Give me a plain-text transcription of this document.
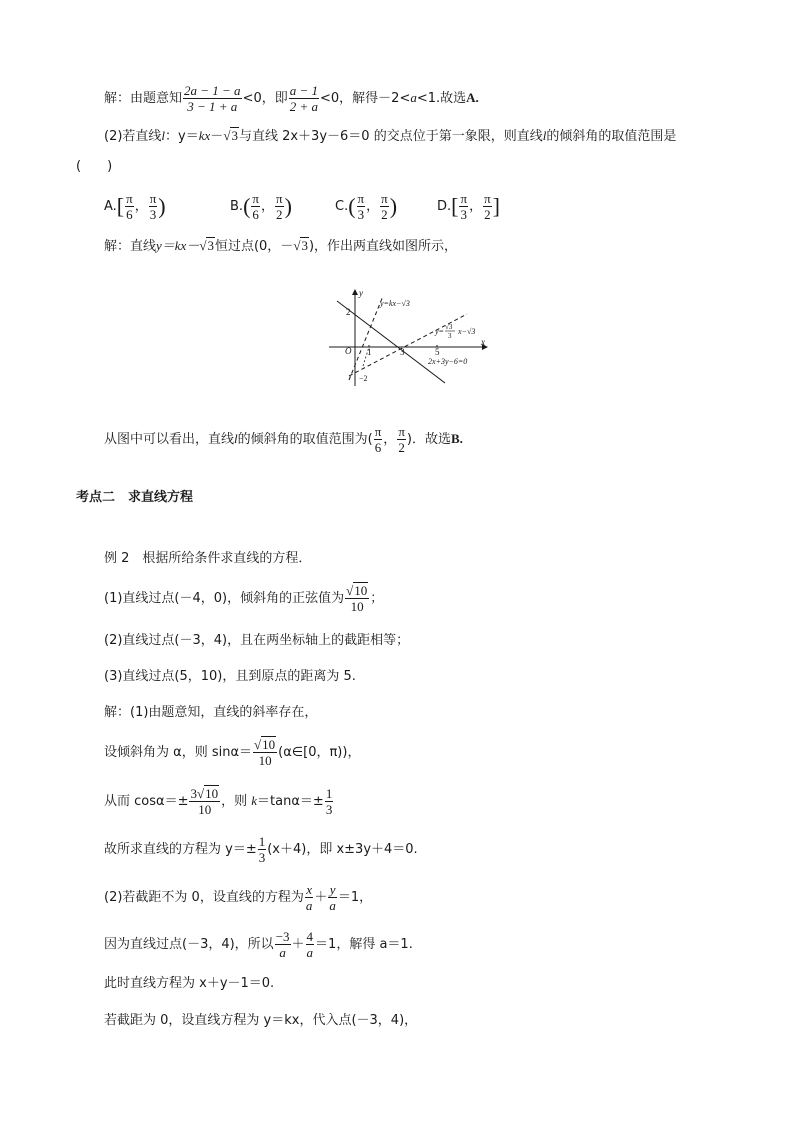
解：由题意知 $\frac{2a - 1 - a}{3 - 1 + a} <0$，即 $\frac{a - 1}{2 + a} <0$，解得－2<a<1.故选A.
(2)若直线l：y＝kx－√3与直线 2x＋3y－6＝0 的交点位于第一象限，则直线l的倾斜角的取值范围是
(　　)
$A.[ \frac{\pi}{6}$ ， $\frac{\pi}{3}$ )	$B.( \frac{\pi}{6}$ ， $\frac{\pi}{2}$ )	$C.( \frac{\pi}{3}$ ， $\frac{\pi}{2}$ )	$D.[ \frac{\pi}{3}$ ， $\frac{\pi}{2}$ ]
解：直线y＝kx－√3恒过点(0，－√3)，作出两直线如图所示，
y
x
O 1	3	5
2
−2
y=kx−√3
y= √3
3 x−√3
2x+3y−6=0
从图中可以看出，直线l的倾斜角的取值范围为( $\frac{\pi}{6}$ ， $\frac{\pi}{2}$ )．故选B.
考点二　求直线方程
例 2　根据所给条件求直线的方程．
(1)直线过点(－4，0)，倾斜角的正弦值为 $\frac{√10}{10}$ ；
(2)直线过点(－3，4)，且在两坐标轴上的截距相等；
(3)直线过点(5，10)，且到原点的距离为 5.
解：(1)由题意知，直线的斜率存在，
设倾斜角为 α，则 $\sin\alpha= \frac{√10}{10}$ (α∈[0，π))，
从而 $\cos\alpha=\pm \frac{3√10}{10}$ ，则 $k=\tan\alpha=\pm \frac{1}{3}$
故所求直线的方程为 $y=\pm \frac{1}{3} (x+4)$，即 x±3y＋4＝0.
(2)若截距不为 0，设直线的方程为 $\frac{x}{a} + \frac{y}{a} =1$，
因为直线过点(－3，4)，所以 $\frac{-3}{a} + \frac{4}{a} =1$，解得 a＝1.
此时直线方程为 x＋y－1＝0.
若截距为 0，设直线方程为 y＝kx，代入点(－3，4)，
